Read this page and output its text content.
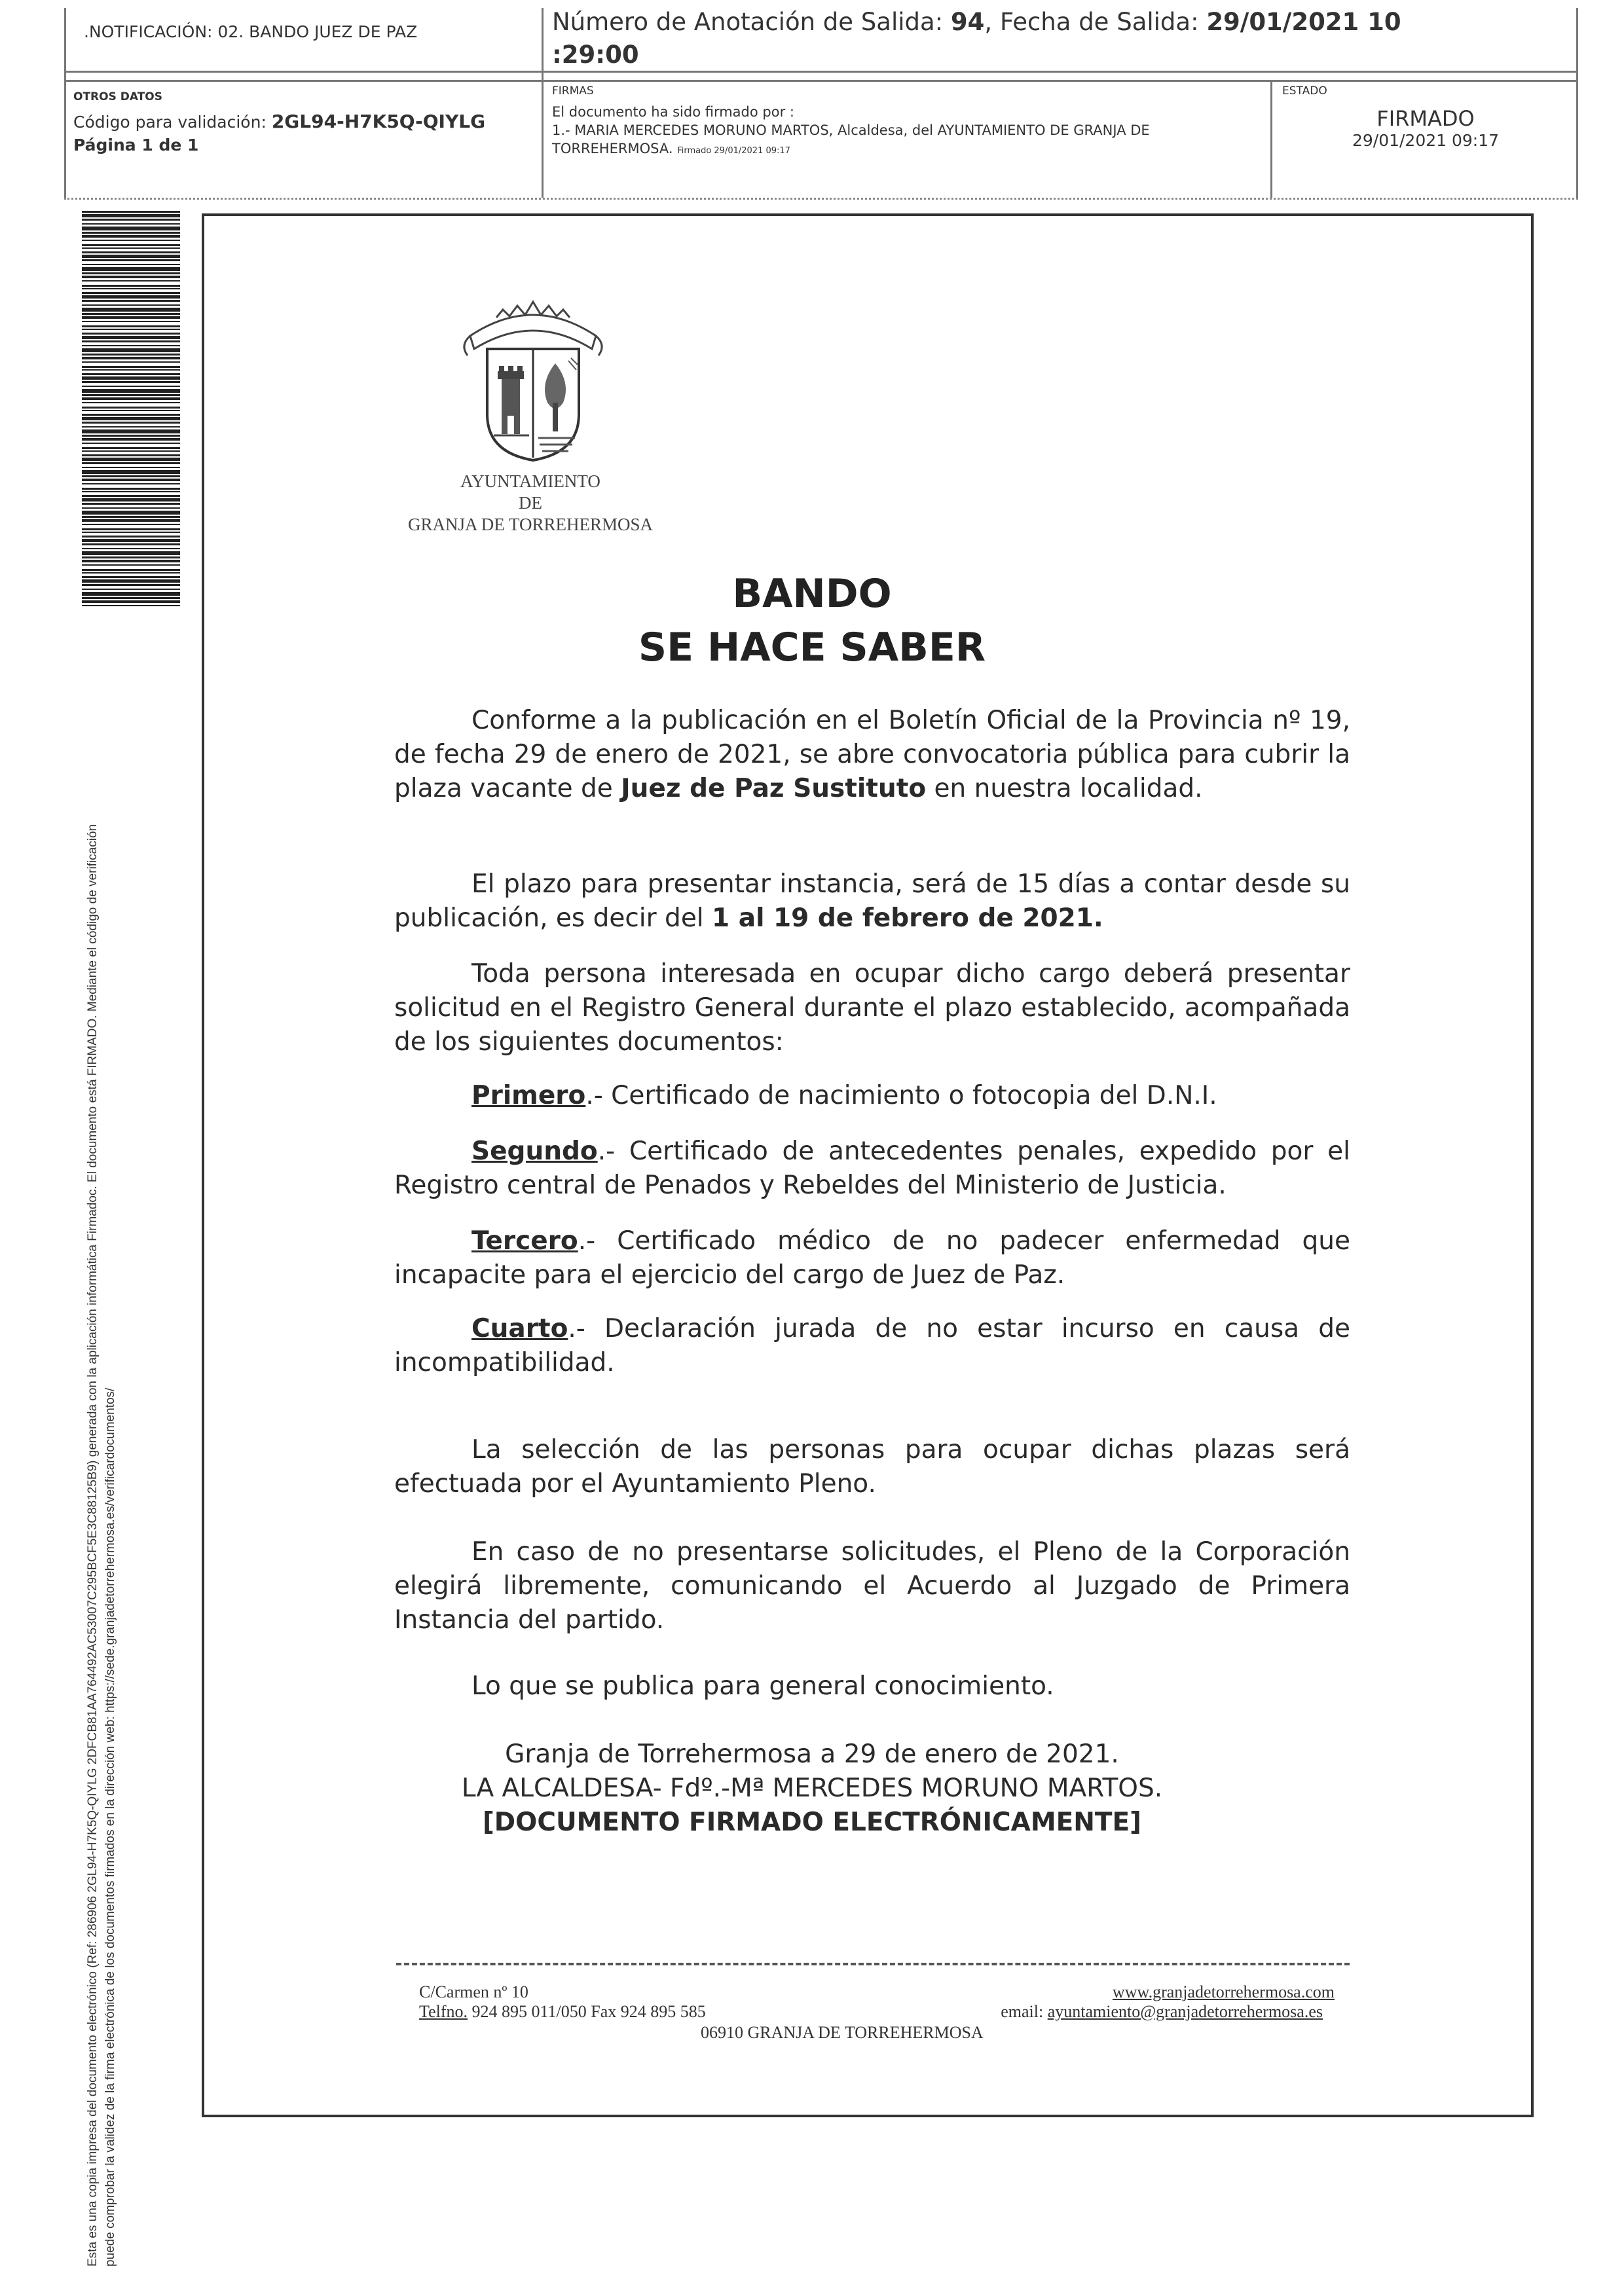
.NOTIFICACIÓN: 02. BANDO JUEZ DE PAZ	Número de Anotación de Salida: 94, Fecha de Salida: 29/01/2021 10
:29:00
OTROS DATOS
Código para validación: 2GL94-H7K5Q-QIYLG
Página 1 de 1
FIRMAS
El documento ha sido firmado por :
1.- MARIA MERCEDES MORUNO MARTOS, Alcaldesa, del AYUNTAMIENTO DE GRANJA DE
TORREHERMOSA. Firmado 29/01/2021 09:17
ESTADO
FIRMADO
29/01/2021 09:17
Esta es una copia impresa del documento electrónico (Ref: 286906 2GL94-H7K5Q-QIYLG 2DFCB81AA764492AC53007C295BCF5E3C88125B9) generada con la aplicación informática Firmadoc. El documento está FIRMADO. Mediante el código de verificación puede comprobar la validez de la firma electrónica de los documentos firmados en la dirección web: https://sede.granjadetorrehermosa.es/verificardocumentos/
AYUNTAMIENTO
DE
GRANJA DE TORREHERMOSA
BANDO
SE HACE SABER

Conforme a la publicación en el Boletín Oficial de la Provincia nº 19, de fecha 29 de enero de 2021, se abre convocatoria pública para cubrir la plaza vacante de Juez de Paz Sustituto en nuestra localidad.

El plazo para presentar instancia, será de 15 días a contar desde su publicación, es decir del 1 al 19 de febrero de 2021.

Toda persona interesada en ocupar dicho cargo deberá presentar solicitud en el Registro General durante el plazo establecido, acompañada de los siguientes documentos:

Primero.- Certificado de nacimiento o fotocopia del D.N.I.
Segundo.- Certificado de antecedentes penales, expedido por el Registro central de Penados y Rebeldes del Ministerio de Justicia.
Tercero.- Certificado médico de no padecer enfermedad que incapacite para el ejercicio del cargo de Juez de Paz.
Cuarto.- Declaración jurada de no estar incurso en causa de incompatibilidad.

La selección de las personas para ocupar dichas plazas será efectuada por el Ayuntamiento Pleno.

En caso de no presentarse solicitudes, el Pleno de la Corporación elegirá libremente, comunicando el Acuerdo al Juzgado de Primera Instancia del partido.

Lo que se publica para general conocimiento.

Granja de Torrehermosa a 29 de enero de 2021.
LA ALCALDESA- Fdº.-Mª MERCEDES MORUNO MARTOS.
[DOCUMENTO FIRMADO ELECTRÓNICAMENTE]
C/Carmen nº 10
Telfno. 924 895 011/050 Fax 924 895 585
06910 GRANJA DE TORREHERMOSA
www.granjadetorrehermosa.com
email: ayuntamiento@granjadetorrehermosa.es
